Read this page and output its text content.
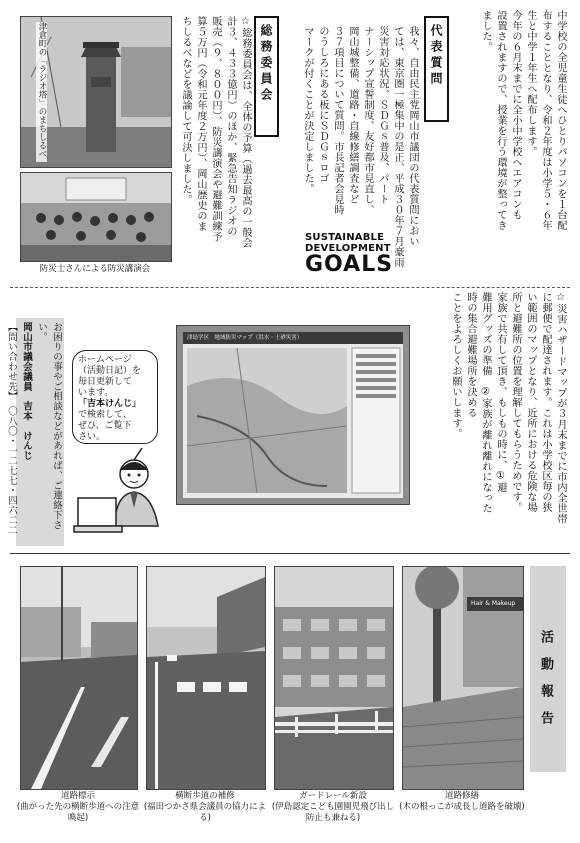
中学校の全児童生徒へひとりパソコンを１台配
布することとなり、令和２年度は小学５・６年
生と中学１年生へ配布します。
今年の６月末までに全小中学校へエアコンも
設置されますので、授業を行う環境が整ってき
ました。
代表質問
我々、自由民主党岡山市議団の代表質問におい
ては、東京圏一極集中の是正、平成３０年７月豪雨
災害対応状況、ＳＤＧｓ普及、パート
ナーシップ宣誓制度、友好都市見直し、
岡山城整備、道路・自線修繕調査など
３７項目について質問。市長記者会見時
のうしろにある板にＳＤＧｓロゴ
マークが付くことが決定しました。
SUSTAINABLE
DEVELOPMENT
GOALS
総務委員会
☆総務委員会は、全体の予算（過去最高の一般会
計３、４３３億円）のほか、緊急告知ラジオの
販売（９、８００円）、防災講演会や避難訓練予
算５万円（令和元年度２万円）、岡山歴史のま
ちしるべなどを議論して可決しました。
津倉町の「ラジオ塔」のまちしるべ
防災士さんによる防災講演会
☆災害ハザードマップが３月末までに市内全世帯
に郵便で配達されます。これは小学校区毎の狭
い範囲のマップとなり、近所における危険な場
所と避難所の位置を理解してもらうためです。
家族で共有して頂き、もしもの時に、①避
難用グッズの準備　②家族が離れ離れになった
時の集合避難場所を決める
ことをよろしくお願いします。
津島学区　地域防災マップ（洪水・土砂災害）
お困りの事やご相談などがあれば、ご連絡下さい。
岡山市議会議員　吉本　けんじ
【問い合わせ先】　〇八〇・一二七七・四六二二	ホームページ
（活動日記）を
毎日更新して
います。
「吉本けんじ」
で検索して、
ぜひ、ご覧下
さい。
活動報告
道路標示
(曲がった先の横断歩道への注意喚起)
横断歩道の補修
(福田つかさ県会議員の協力による)
ガードレール新設
(伊島認定こども園園児飛び出し防止も兼ねる)
Hair & Makeup
道路修繕
(木の根っこが成長し道路を破壊)
